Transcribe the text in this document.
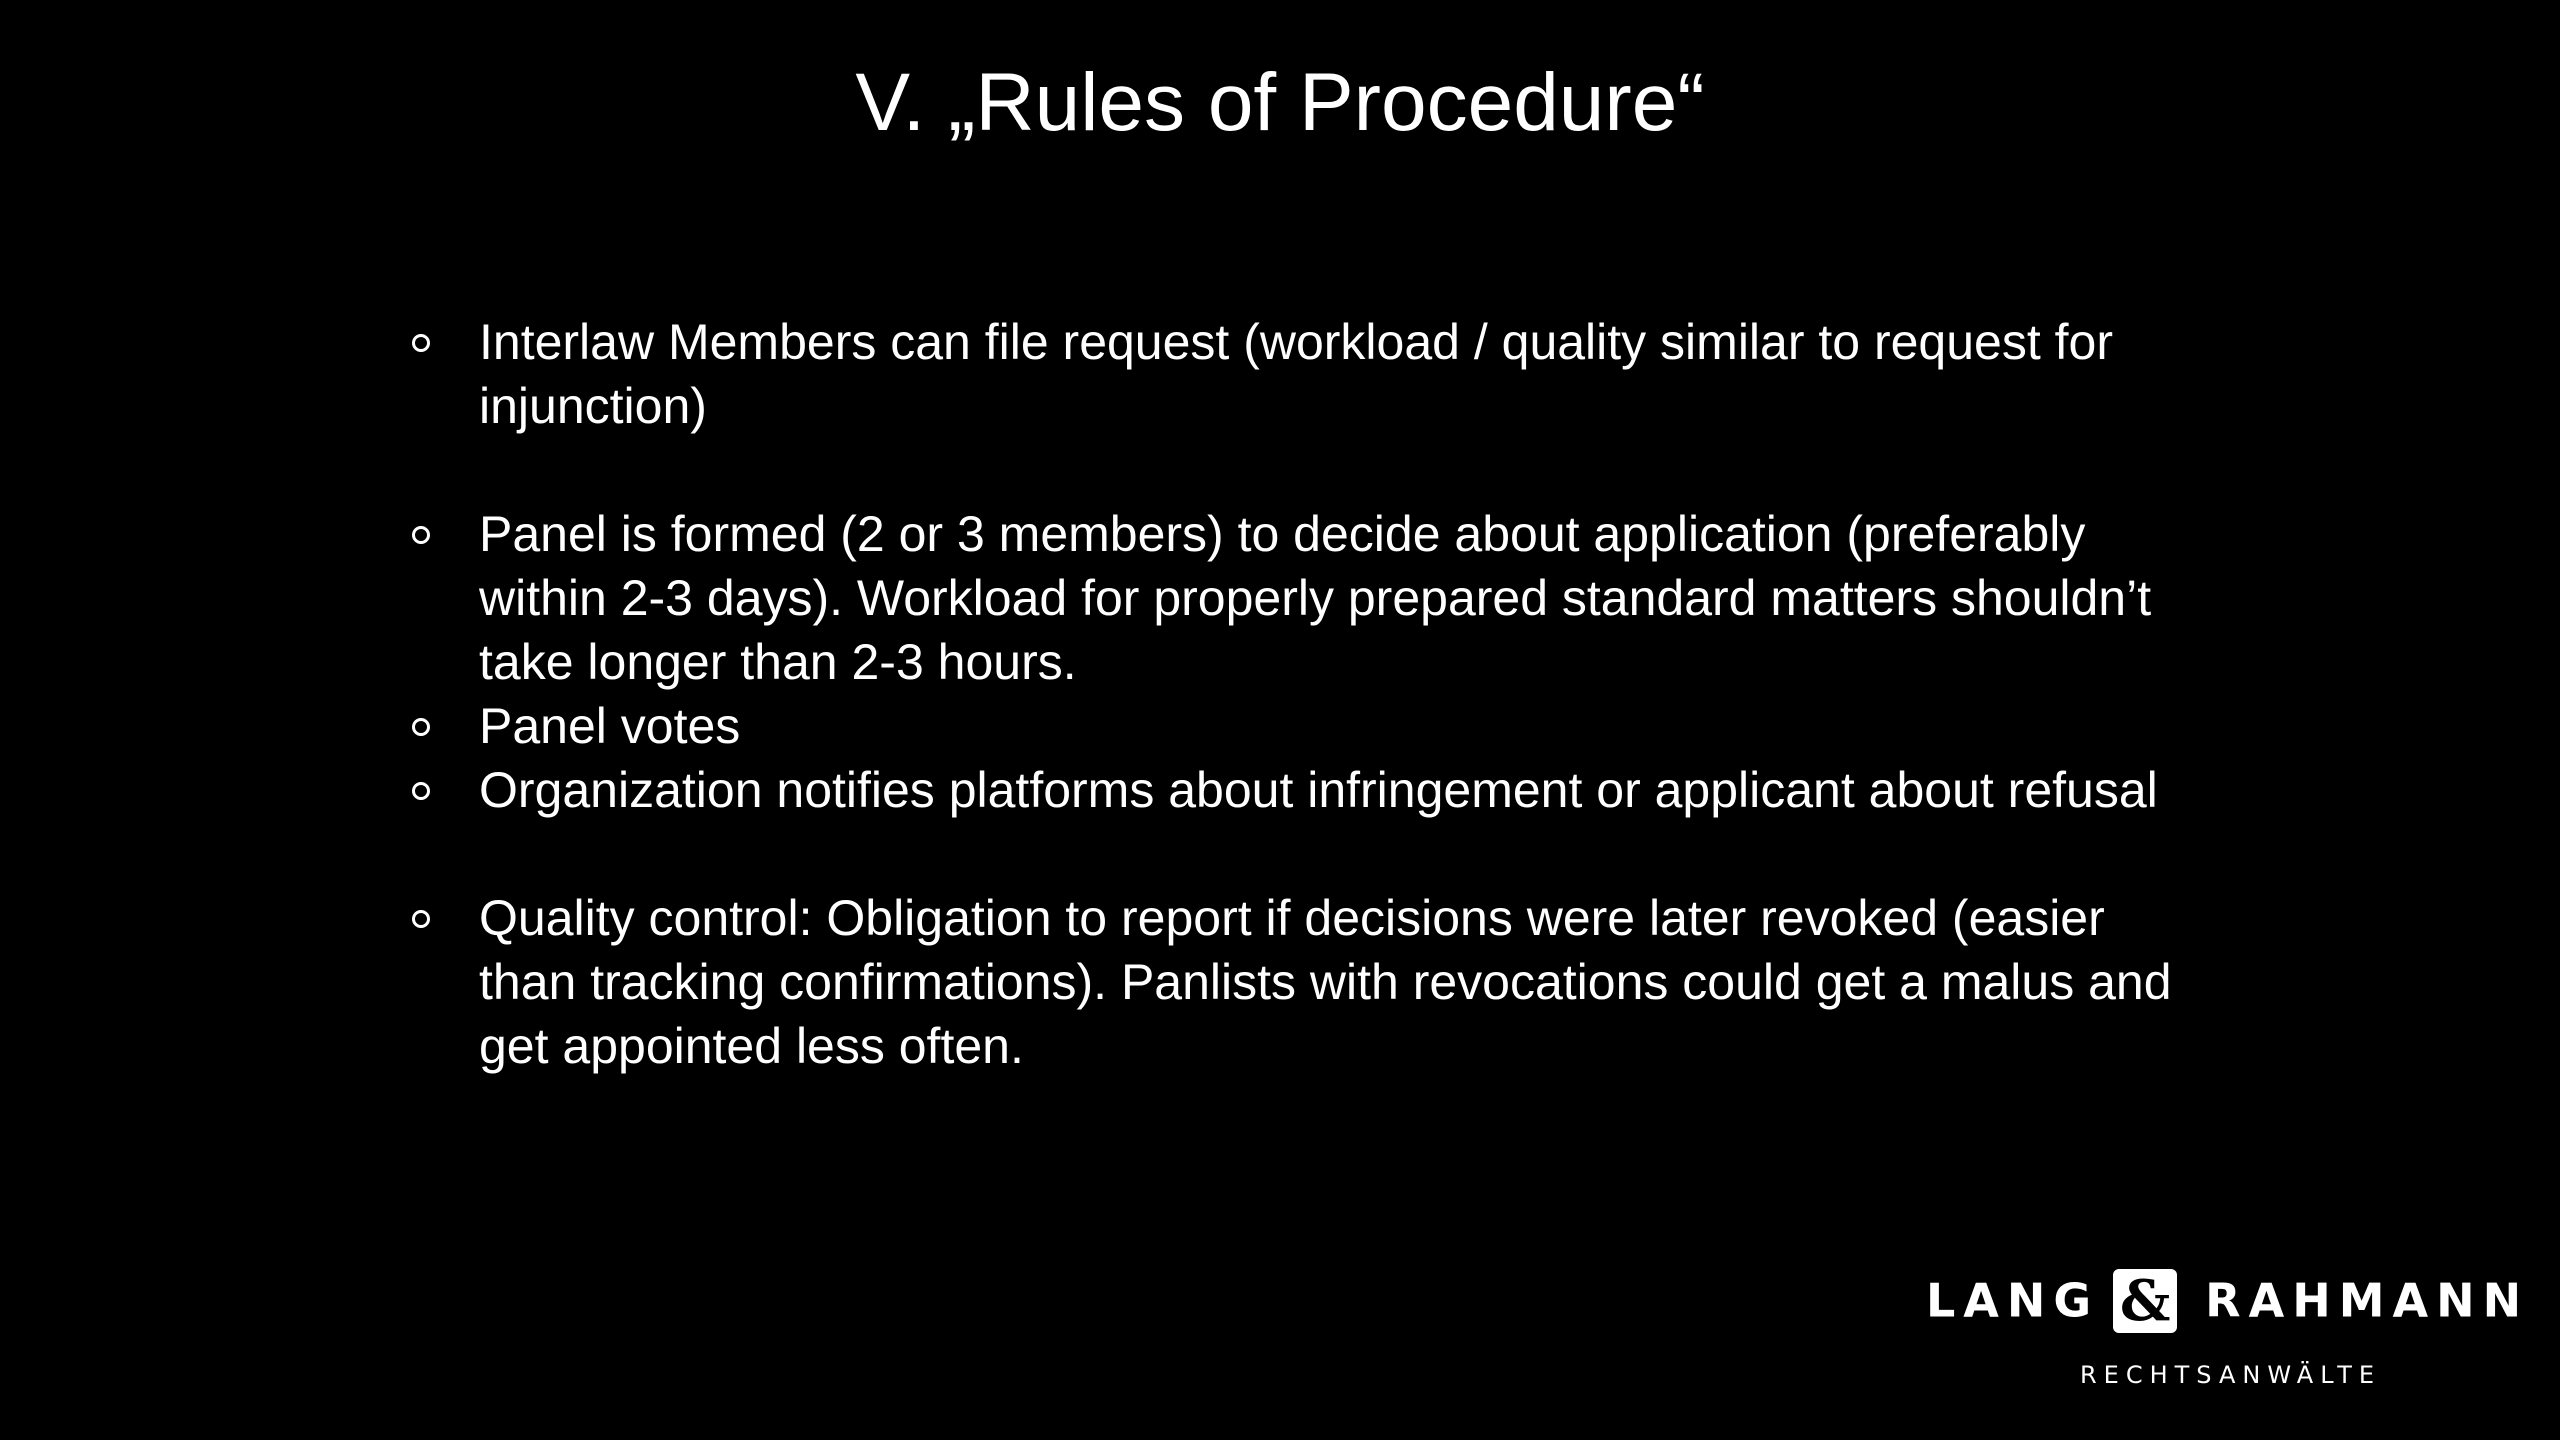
V. „Rules of Procedure“
Interlaw Members can file request (workload / quality similar to request for injunction)
Panel is formed (2 or 3 members) to decide about application (preferably within 2-3 days). Workload for properly prepared standard matters shouldn’t take longer than 2-3 hours.
Panel votes
Organization notifies platforms about infringement or applicant about refusal
Quality control: Obligation to report if decisions were later revoked (easier than tracking confirmations). Panlists with revocations could get a malus and get appointed less often.
LANG & RAHMANN
RECHTSANWÄLTE
